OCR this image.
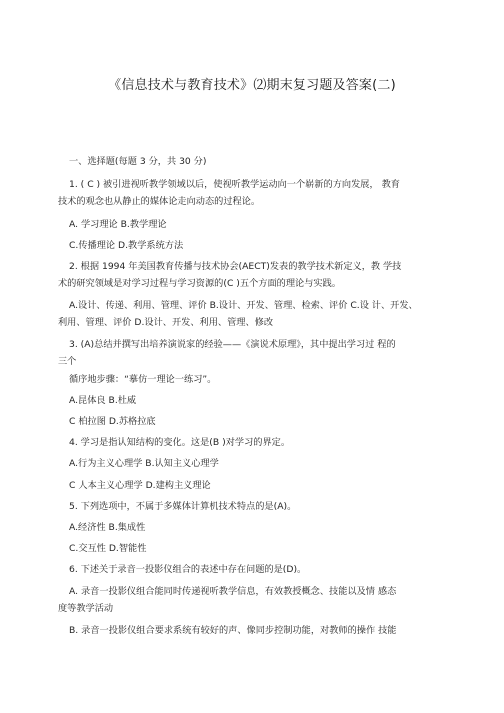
《信息技术与教育技术》⑵期末复习题及答案(二)
一、选择题(每题 3 分，共 30 分)
1. ( C ) 被引进视听教学领域以后，使视听教学运动向一个崭新的方向发展， 教育
技术的观念也从静止的媒体论走向动态的过程论。
A. 学习理论 B.教学理论
C.传播理论 D.教学系统方法
2. 根据 1994 年美国教育传播与技术协会(AECT)发表的教学技术新定义，教 学技
术的研究领域是对学习过程与学习资源的(C )五个方面的理论与实践。
A.设计、传递、利用、管理、评价 B.设计、开发、管理、检索、评价 C.设 计、开发、
利用、管理、评价 D.设计、开发、利用、管理、修改
3. (A)总结并撰写出培养演说家的经验——《演说术原理》，其中提出学习过 程的
三个
循序地步骤：“摹仿一理论一练习”。
A.昆体良 B.杜威
C 柏拉图 D.苏格拉底
4. 学习是指认知结构的变化。这是(B )对学习的界定。
A.行为主义心理学 B.认知主义心理学
C 人本主义心理学 D.建构主义理论
5. 下列选项中，不属于多媒体计算机技术特点的是(A)。
A.经济性 B.集成性
C.交互性 D.智能性
6. 下述关于录音一投影仪组合的表述中存在问题的是(D)。
A. 录音一投影仪组合能同时传递视听教学信息，有效教授概念、技能以及情 感态
度等教学活动
B. 录音一投影仪组合要求系统有较好的声、像同步控制功能，对教师的操作 技能
